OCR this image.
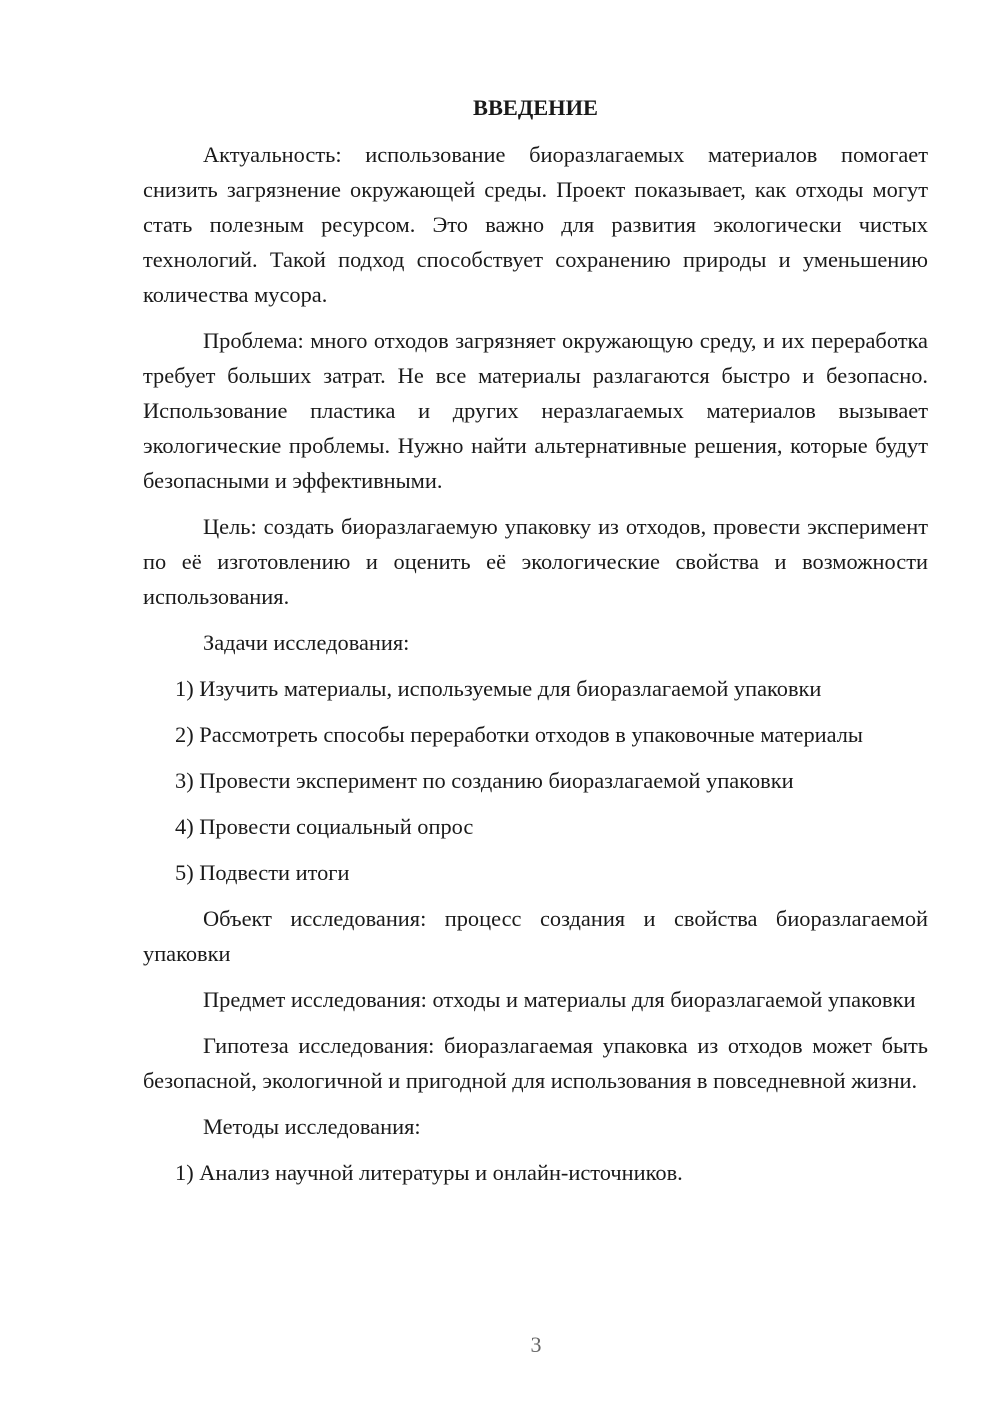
ВВЕДЕНИЕ

Актуальность: использование биоразлагаемых материалов помогает снизить загрязнение окружающей среды. Проект показывает, как отходы могут стать полезным ресурсом. Это важно для развития экологически чистых технологий. Такой подход способствует сохранению природы и уменьшению количества мусора.

Проблема: много отходов загрязняет окружающую среду, и их переработка требует больших затрат. Не все материалы разлагаются быстро и безопасно. Использование пластика и других неразлагаемых материалов вызывает экологические проблемы. Нужно найти альтернативные решения, которые будут безопасными и эффективными.

Цель: создать биоразлагаемую упаковку из отходов, провести эксперимент по её изготовлению и оценить её экологические свойства и возможности использования.

Задачи исследования:

1) Изучить материалы, используемые для биоразлагаемой упаковки

2) Рассмотреть способы переработки отходов в упаковочные материалы

3) Провести эксперимент по созданию биоразлагаемой упаковки

4) Провести социальный опрос

5) Подвести итоги

Объект исследования: процесс создания и свойства биоразлагаемой упаковки

Предмет исследования: отходы и материалы для биоразлагаемой упаковки

Гипотеза исследования: биоразлагаемая упаковка из отходов может быть безопасной, экологичной и пригодной для использования в повседневной жизни.

Методы исследования:

1) Анализ научной литературы и онлайн-источников.

3
